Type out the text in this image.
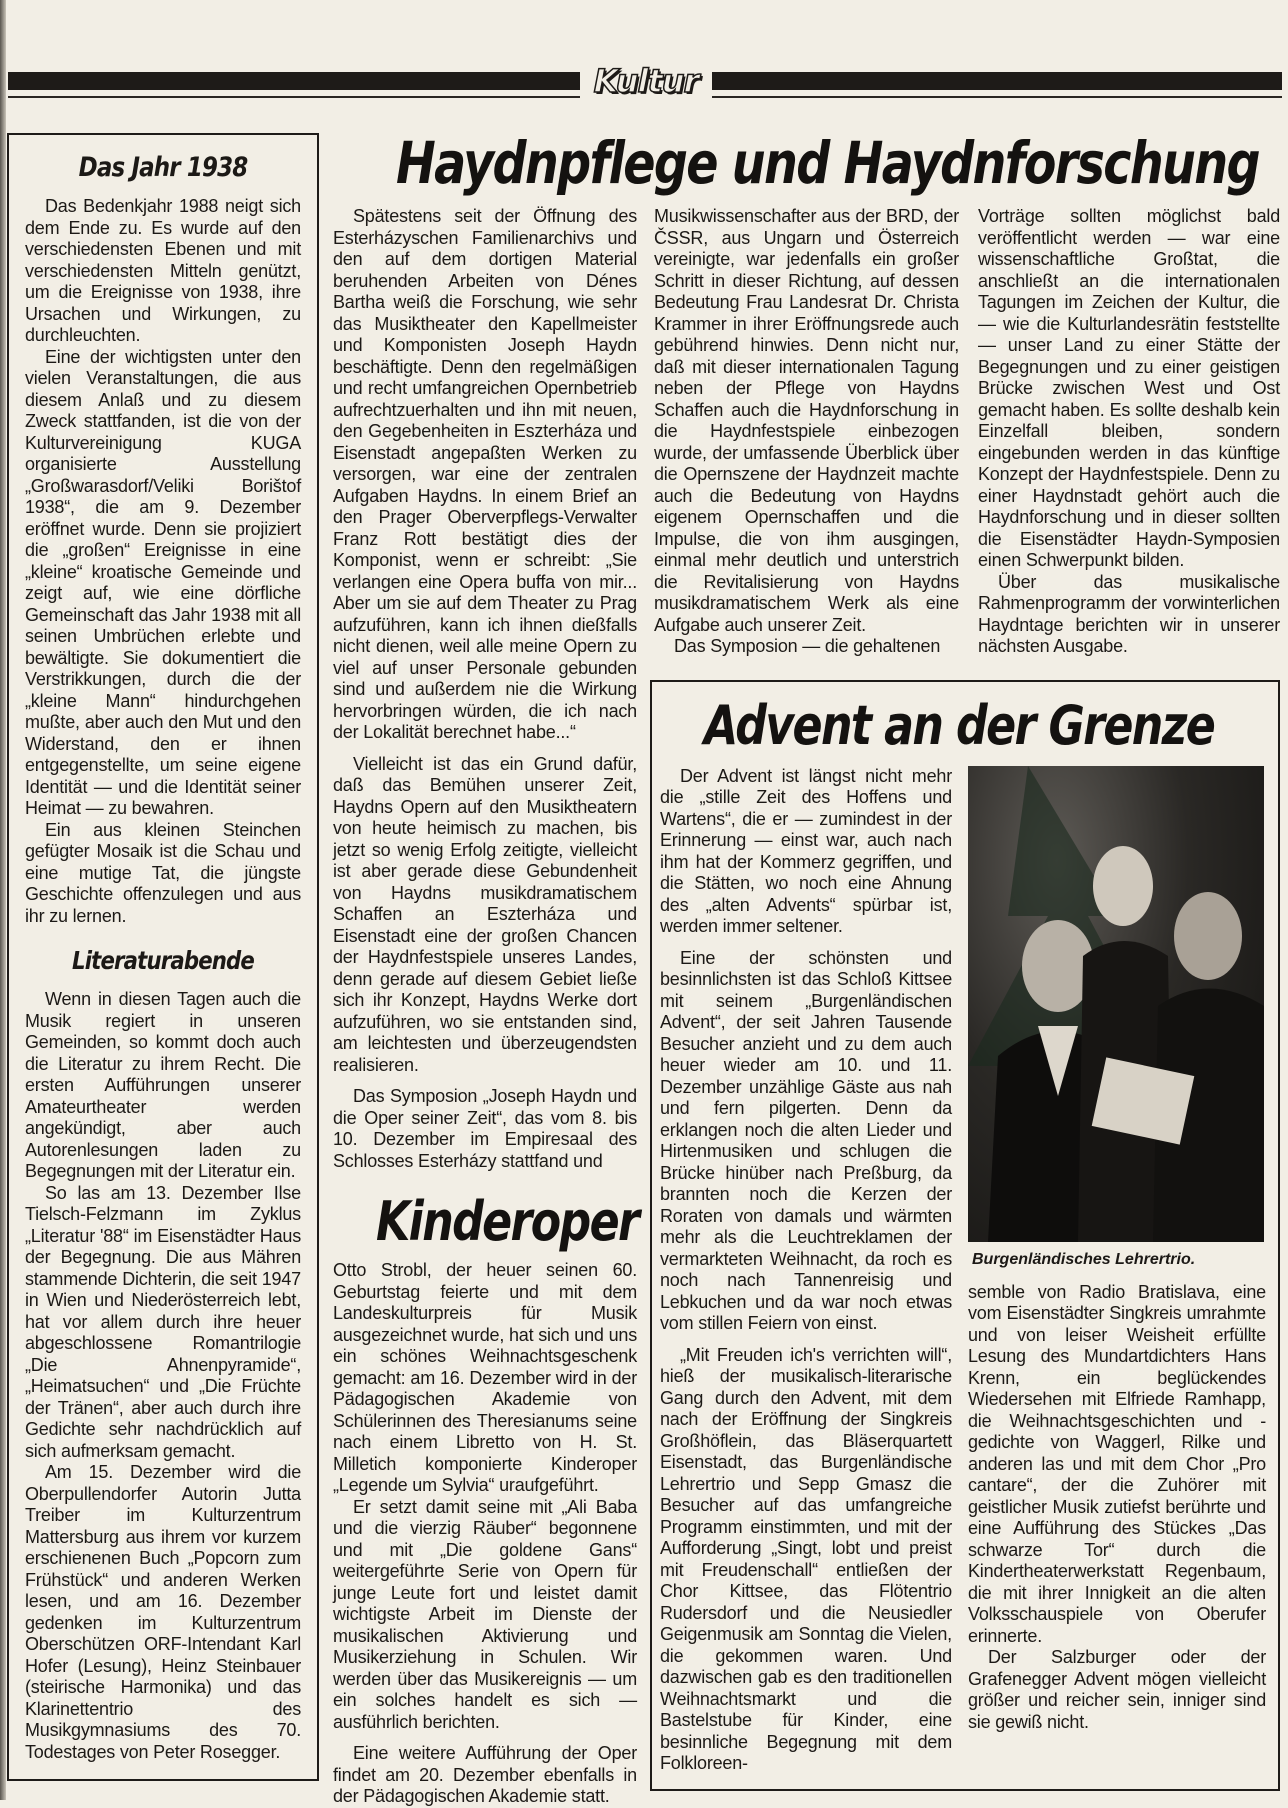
Kultur
Das Jahr 1938

Das Bedenkjahr 1988 neigt sich dem Ende zu. Es wurde auf den verschiedensten Ebenen und mit verschiedensten Mitteln genützt, um die Ereignisse von 1938, ihre Ursachen und Wirkungen, zu durchleuchten.

Eine der wichtigsten unter den vielen Veranstaltungen, die aus diesem Anlaß und zu diesem Zweck stattfanden, ist die von der Kulturvereinigung KUGA organisierte Ausstellung „Großwarasdorf/Veliki Borištof 1938“, die am 9. Dezember eröffnet wurde. Denn sie projiziert die „großen“ Ereignisse in eine „kleine“ kroatische Gemeinde und zeigt auf, wie eine dörfliche Gemeinschaft das Jahr 1938 mit all seinen Umbrüchen erlebte und bewältigte. Sie dokumentiert die Verstrikkungen, durch die der „kleine Mann“ hindurchgehen mußte, aber auch den Mut und den Widerstand, den er ihnen entgegenstellte, um seine eigene Identität — und die Identität seiner Heimat — zu bewahren.

Ein aus kleinen Steinchen gefügter Mosaik ist die Schau und eine mutige Tat, die jüngste Geschichte offenzulegen und aus ihr zu lernen.

Literaturabende

Wenn in diesen Tagen auch die Musik regiert in unseren Gemeinden, so kommt doch auch die Literatur zu ihrem Recht. Die ersten Aufführungen unserer Amateurtheater werden angekündigt, aber auch Autorenlesungen laden zu Begegnungen mit der Literatur ein.

So las am 13. Dezember Ilse Tielsch-Felzmann im Zyklus „Literatur '88“ im Eisenstädter Haus der Begegnung. Die aus Mähren stammende Dichterin, die seit 1947 in Wien und Niederösterreich lebt, hat vor allem durch ihre heuer abgeschlossene Romantrilogie „Die Ahnenpyramide“, „Heimatsuchen“ und „Die Früchte der Tränen“, aber auch durch ihre Gedichte sehr nachdrücklich auf sich aufmerksam gemacht.

Am 15. Dezember wird die Oberpullendorfer Autorin Jutta Treiber im Kulturzentrum Mattersburg aus ihrem vor kurzem erschienenen Buch „Popcorn zum Frühstück“ und anderen Werken lesen, und am 16. Dezember gedenken im Kulturzentrum Oberschützen ORF-Intendant Karl Hofer (Lesung), Heinz Steinbauer (steirische Harmonika) und das Klarinettentrio des Musikgymnasiums des 70. Todestages von Peter Rosegger.

Haydnpflege und Haydnforschung

Spätestens seit der Öffnung des Esterházyschen Familienarchivs und den auf dem dortigen Material beruhenden Arbeiten von Dénes Bartha weiß die Forschung, wie sehr das Musiktheater den Kapellmeister und Komponisten Joseph Haydn beschäftigte. Denn den regelmäßigen und recht umfangreichen Opernbetrieb aufrechtzuerhalten und ihn mit neuen, den Gegebenheiten in Eszterháza und Eisenstadt angepaßten Werken zu versorgen, war eine der zentralen Aufgaben Haydns. In einem Brief an den Prager Oberverpflegs-Verwalter Franz Rott bestätigt dies der Komponist, wenn er schreibt: „Sie verlangen eine Opera buffa von mir... Aber um sie auf dem Theater zu Prag aufzuführen, kann ich ihnen dießfalls nicht dienen, weil alle meine Opern zu viel auf unser Personale gebunden sind und außerdem nie die Wirkung hervorbringen würden, die ich nach der Lokalität berechnet habe...“

Vielleicht ist das ein Grund dafür, daß das Bemühen unserer Zeit, Haydns Opern auf den Musiktheatern von heute heimisch zu machen, bis jetzt so wenig Erfolg zeitigte, vielleicht ist aber gerade diese Gebundenheit von Haydns musikdramatischem Schaffen an Eszterháza und Eisenstadt eine der großen Chancen der Haydnfestspiele unseres Landes, denn gerade auf diesem Gebiet ließe sich ihr Konzept, Haydns Werke dort aufzuführen, wo sie entstanden sind, am leichtesten und überzeugendsten realisieren.

Das Symposion „Joseph Haydn und die Oper seiner Zeit“, das vom 8. bis 10. Dezember im Empiresaal des Schlosses Esterházy stattfand und

Kinderoper

Otto Strobl, der heuer seinen 60. Geburtstag feierte und mit dem Landeskulturpreis für Musik ausgezeichnet wurde, hat sich und uns ein schönes Weihnachtsgeschenk gemacht: am 16. Dezember wird in der Pädagogischen Akademie von Schülerinnen des Theresianums seine nach einem Libretto von H. St. Milletich komponierte Kinderoper „Legende um Sylvia“ uraufgeführt.

Er setzt damit seine mit „Ali Baba und die vierzig Räuber“ begonnene und mit „Die goldene Gans“ weitergeführte Serie von Opern für junge Leute fort und leistet damit wichtigste Arbeit im Dienste der musikalischen Aktivierung und Musikerziehung in Schulen. Wir werden über das Musikereignis — um ein solches handelt es sich — ausführlich berichten.

Eine weitere Aufführung der Oper findet am 20. Dezember ebenfalls in der Pädagogischen Akademie statt.

Musikwissenschafter aus der BRD, der ČSSR, aus Ungarn und Österreich vereinigte, war jedenfalls ein großer Schritt in dieser Richtung, auf dessen Bedeutung Frau Landesrat Dr. Christa Krammer in ihrer Eröffnungsrede auch gebührend hinwies. Denn nicht nur, daß mit dieser internationalen Tagung neben der Pflege von Haydns Schaffen auch die Haydnforschung in die Haydnfestspiele einbezogen wurde, der umfassende Überblick über die Opernszene der Haydnzeit machte auch die Bedeutung von Haydns eigenem Opernschaffen und die Impulse, die von ihm ausgingen, einmal mehr deutlich und unterstrich die Revitalisierung von Haydns musikdramatischem Werk als eine Aufgabe auch unserer Zeit.

Das Symposion — die gehaltenen

Vorträge sollten möglichst bald veröffentlicht werden — war eine wissenschaftliche Großtat, die anschließt an die internationalen Tagungen im Zeichen der Kultur, die — wie die Kulturlandesrätin feststellte — unser Land zu einer Stätte der Begegnungen und zu einer geistigen Brücke zwischen West und Ost gemacht haben. Es sollte deshalb kein Einzelfall bleiben, sondern eingebunden werden in das künftige Konzept der Haydnfestspiele. Denn zu einer Haydnstadt gehört auch die Haydnforschung und in dieser sollten die Eisenstädter Haydn-Symposien einen Schwerpunkt bilden.

Über das musikalische Rahmenprogramm der vorwinterlichen Haydntage berichten wir in unserer nächsten Ausgabe.

Advent an der Grenze

Der Advent ist längst nicht mehr die „stille Zeit des Hoffens und Wartens“, die er — zumindest in der Erinnerung — einst war, auch nach ihm hat der Kommerz gegriffen, und die Stätten, wo noch eine Ahnung des „alten Advents“ spürbar ist, werden immer seltener.

Eine der schönsten und besinnlichsten ist das Schloß Kittsee mit seinem „Burgenländischen Advent“, der seit Jahren Tausende Besucher anzieht und zu dem auch heuer wieder am 10. und 11. Dezember unzählige Gäste aus nah und fern pilgerten. Denn da erklangen noch die alten Lieder und Hirtenmusiken und schlugen die Brücke hinüber nach Preßburg, da brannten noch die Kerzen der Roraten von damals und wärmten mehr als die Leuchtreklamen der vermarkteten Weihnacht, da roch es noch nach Tannenreisig und Lebkuchen und da war noch etwas vom stillen Feiern von einst.

„Mit Freuden ich's verrichten will“, hieß der musikalisch-literarische Gang durch den Advent, mit dem nach der Eröffnung der Singkreis Großhöflein, das Bläserquartett Eisenstadt, das Burgenländische Lehrertrio und Sepp Gmasz die Besucher auf das umfangreiche Programm einstimmten, und mit der Aufforderung „Singt, lobt und preist mit Freudenschall“ entließen der Chor Kittsee, das Flötentrio Rudersdorf und die Neusiedler Geigenmusik am Sonntag die Vielen, die gekommen waren. Und dazwischen gab es den traditionellen Weihnachtsmarkt und die Bastelstube für Kinder, eine besinnliche Begegnung mit dem Folkloreen-

Burgenländisches Lehrertrio.

semble von Radio Bratislava, eine vom Eisenstädter Singkreis umrahmte und von leiser Weisheit erfüllte Lesung des Mundartdichters Hans Krenn, ein beglückendes Wiedersehen mit Elfriede Ramhapp, die Weihnachtsgeschichten und -gedichte von Waggerl, Rilke und anderen las und mit dem Chor „Pro cantare“, der die Zuhörer mit geistlicher Musik zutiefst berührte und eine Aufführung des Stückes „Das schwarze Tor“ durch die Kindertheaterwerkstatt Regenbaum, die mit ihrer Innigkeit an die alten Volksschauspiele von Oberufer erinnerte.

Der Salzburger oder der Grafenegger Advent mögen vielleicht größer und reicher sein, inniger sind sie gewiß nicht.
